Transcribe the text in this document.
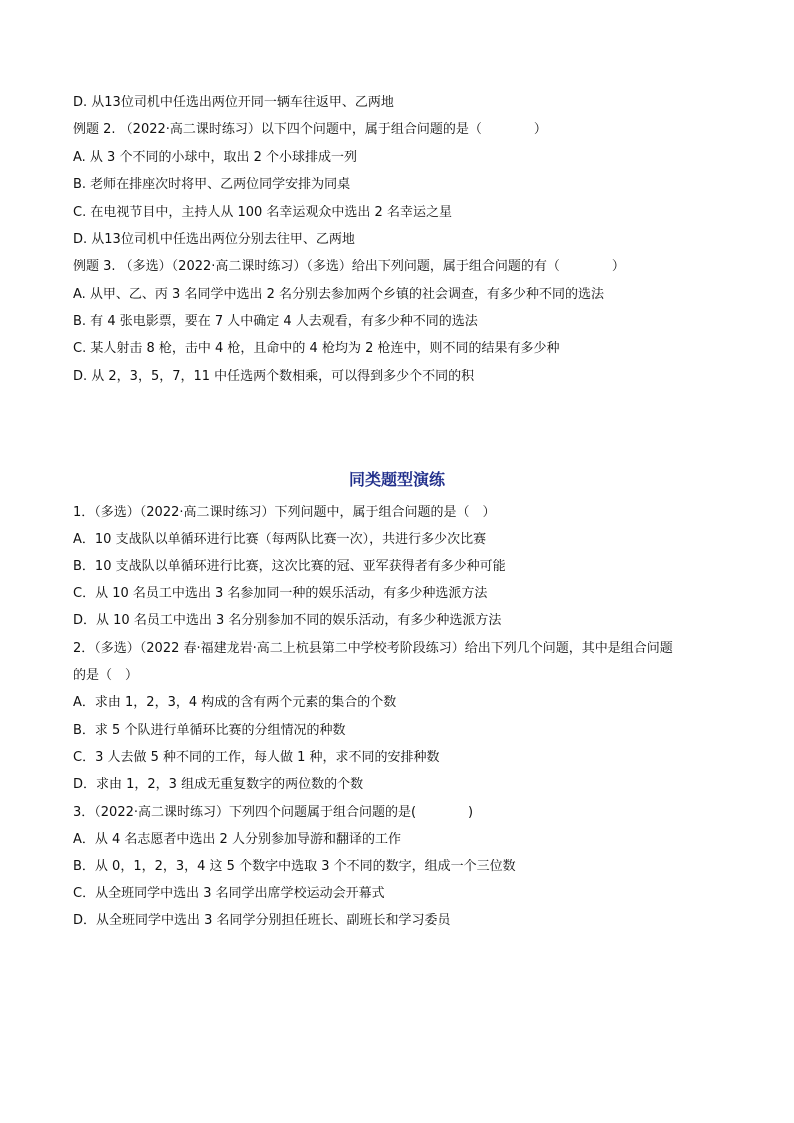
D. 从13位司机中任选出两位开同一辆车往返甲、乙两地
例题 2. （2022·高二课时练习）以下四个问题中，属于组合问题的是（　　　　）
A. 从 3 个不同的小球中，取出 2 个小球排成一列
B. 老师在排座次时将甲、乙两位同学安排为同桌
C. 在电视节目中，主持人从 100 名幸运观众中选出 2 名幸运之星
D. 从13位司机中任选出两位分别去往甲、乙两地
例题 3. （多选）（2022·高二课时练习）（多选）给出下列问题，属于组合问题的有（　　　　）
A. 从甲、乙、丙 3 名同学中选出 2 名分别去参加两个乡镇的社会调查，有多少种不同的选法
B. 有 4 张电影票，要在 7 人中确定 4 人去观看，有多少种不同的选法
C. 某人射击 8 枪，击中 4 枪，且命中的 4 枪均为 2 枪连中，则不同的结果有多少种
D. 从 2，3，5，7，11 中任选两个数相乘，可以得到多少个不同的积
同类题型演练
1．（多选）（2022·高二课时练习）下列问题中，属于组合问题的是（　）
A．10 支战队以单循环进行比赛（每两队比赛一次），共进行多少次比赛
B．10 支战队以单循环进行比赛，这次比赛的冠、亚军获得者有多少种可能
C．从 10 名员工中选出 3 名参加同一种的娱乐活动，有多少种选派方法
D．从 10 名员工中选出 3 名分别参加不同的娱乐活动，有多少种选派方法
2．（多选）（2022 春·福建龙岩·高二上杭县第二中学校考阶段练习）给出下列几个问题，其中是组合问题
的是（　）
A．求由 1，2，3，4 构成的含有两个元素的集合的个数
B．求 5 个队进行单循环比赛的分组情况的种数
C．3 人去做 5 种不同的工作，每人做 1 种，求不同的安排种数
D．求由 1，2，3 组成无重复数字的两位数的个数
3．（2022·高二课时练习）下列四个问题属于组合问题的是(　　　　)
A．从 4 名志愿者中选出 2 人分别参加导游和翻译的工作
B．从 0，1，2，3，4 这 5 个数字中选取 3 个不同的数字，组成一个三位数
C．从全班同学中选出 3 名同学出席学校运动会开幕式
D．从全班同学中选出 3 名同学分别担任班长、副班长和学习委员
